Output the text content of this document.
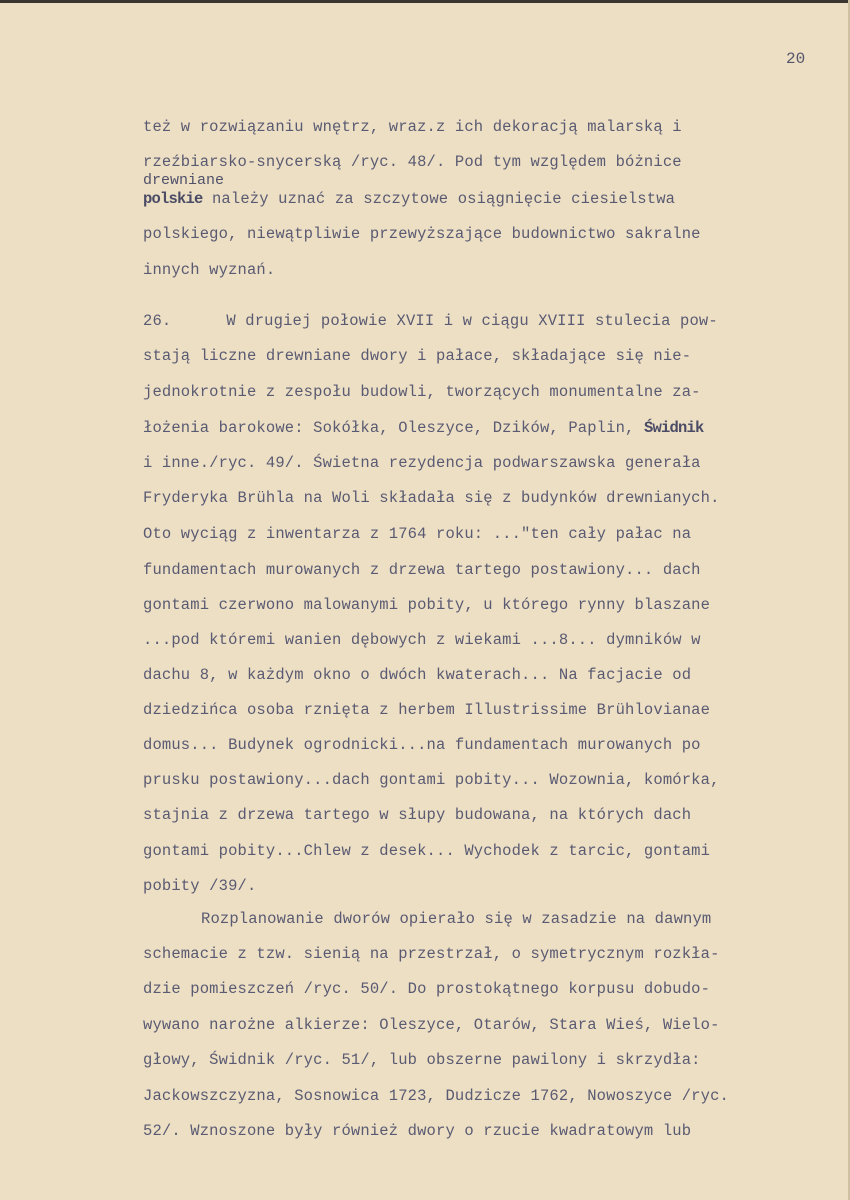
20
drewniane
też w rozwiązaniu wnętrz, wraz.z ich dekoracją malarską i
rzeźbiarsko-snycerską /ryc. 48/. Pod tym względem bóżnice
polskie należy uznać za szczytowe osiągnięcie ciesielstwa
polskiego, niewątpliwie przewyższające budownictwo sakralne
innych wyznań.
26.	W drugiej połowie XVII i w ciągu XVIII stulecia pow-
stają liczne drewniane dwory i pałace, składające się nie-
jednokrotnie z zespołu budowli, tworzących monumentalne za-
łożenia barokowe: Sokółka, Oleszyce, Dzików, Paplin, Świdnik
i inne./ryc. 49/. Świetna rezydencja podwarszawska generała
Fryderyka Brühla na Woli składała się z budynków drewnianych.
Oto wyciąg z inwentarza z 1764 roku: ..."ten cały pałac na
fundamentach murowanych z drzewa tartego postawiony... dach
gontami czerwono malowanymi pobity, u którego rynny blaszane
...pod któremi wanien dębowych z wiekami ...8... dymników w
dachu 8, w każdym okno o dwóch kwaterach... Na facjacie od
dziedzińca osoba rznięta z herbem Illustrissime Brühlovianae
domus... Budynek ogrodnicki...na fundamentach murowanych po
prusku postawiony...dach gontami pobity... Wozownia, komórka,
stajnia z drzewa tartego w słupy budowana, na których dach
gontami pobity...Chlew z desek... Wychodek z tarcic, gontami
pobity /39/.
Rozplanowanie dworów opierało się w zasadzie na dawnym
schemacie z tzw. sienią na przestrzał, o symetrycznym rozkła-
dzie pomieszczeń /ryc. 50/. Do prostokątnego korpusu dobudo-
wywano narożne alkierze: Oleszyce, Otarów, Stara Wieś, Wielo-
głowy, Świdnik /ryc. 51/, lub obszerne pawilony i skrzydła:
Jackowszczyzna, Sosnowica 1723, Dudzicze 1762, Nowoszyce /ryc.
52/. Wznoszone były również dwory o rzucie kwadratowym lub
